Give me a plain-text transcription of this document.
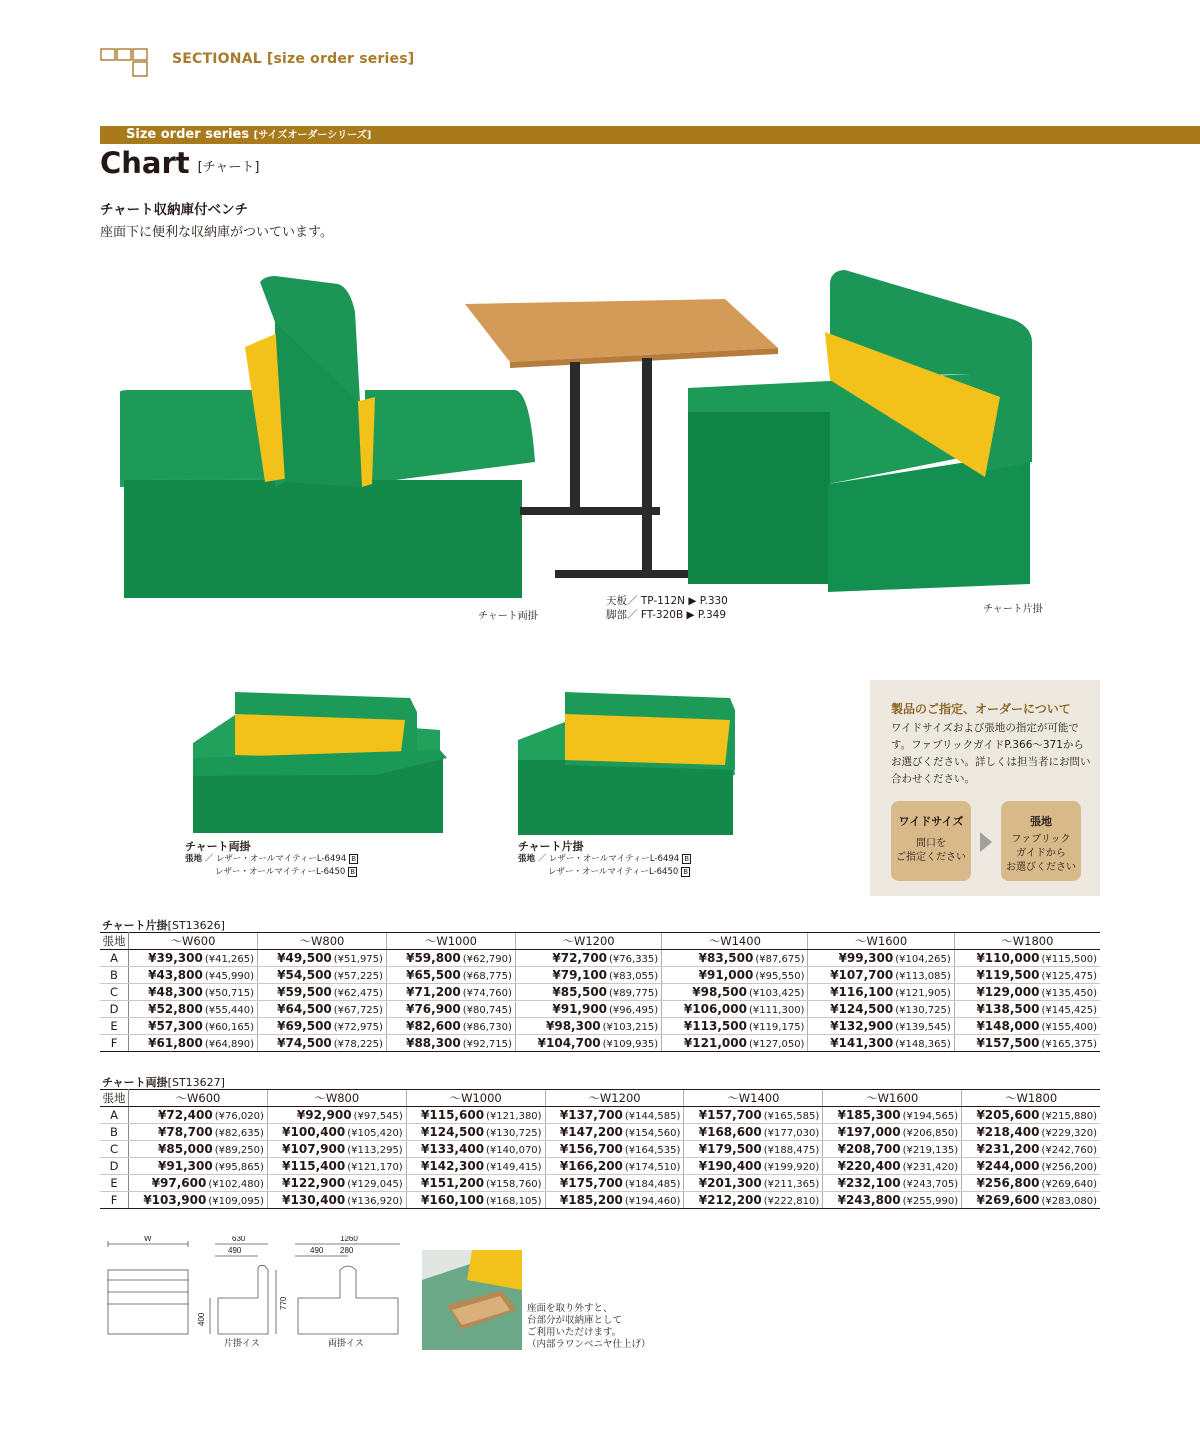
SECTIONAL [size order series]
Size order series [サイズオーダーシリーズ]
Chart [チャート]
チャート収納庫付ベンチ
座面下に便利な収納庫がついています。
チャート両掛
チャート片掛
天板／ TP-112N ▶ P.330
脚部／ FT-320B ▶ P.349
チャート両掛
張地 ／ レザー・オールマイティーL-6494 B
レザー・オールマイティーL-6450 B
チャート片掛
張地 ／ レザー・オールマイティーL-6494 B
レザー・オールマイティーL-6450 B
製品のご指定、オーダーについて
ワイドサイズおよび張地の指定が可能です。ファブリックガイドP.366〜371からお選びください。詳しくは担当者にお問い合わせください。
ワイドサイズ
間口を
ご指定ください
張地
ファブリック
ガイドから
お選びください
チャート片掛[ST13626]
張地	～W600	～W800	～W1000	～W1200	～W1400	～W1600	～W1800
A	¥39,300 (¥41,265)	¥49,500 (¥51,975)	¥59,800 (¥62,790)	¥72,700 (¥76,335)	¥83,500 (¥87,675)	¥99,300 (¥104,265)	¥110,000 (¥115,500)
B	¥43,800 (¥45,990)	¥54,500 (¥57,225)	¥65,500 (¥68,775)	¥79,100 (¥83,055)	¥91,000 (¥95,550)	¥107,700 (¥113,085)	¥119,500 (¥125,475)
C	¥48,300 (¥50,715)	¥59,500 (¥62,475)	¥71,200 (¥74,760)	¥85,500 (¥89,775)	¥98,500 (¥103,425)	¥116,100 (¥121,905)	¥129,000 (¥135,450)
D	¥52,800 (¥55,440)	¥64,500 (¥67,725)	¥76,900 (¥80,745)	¥91,900 (¥96,495)	¥106,000 (¥111,300)	¥124,500 (¥130,725)	¥138,500 (¥145,425)
E	¥57,300 (¥60,165)	¥69,500 (¥72,975)	¥82,600 (¥86,730)	¥98,300 (¥103,215)	¥113,500 (¥119,175)	¥132,900 (¥139,545)	¥148,000 (¥155,400)
F	¥61,800 (¥64,890)	¥74,500 (¥78,225)	¥88,300 (¥92,715)	¥104,700 (¥109,935)	¥121,000 (¥127,050)	¥141,300 (¥148,365)	¥157,500 (¥165,375)
チャート両掛[ST13627]
張地	～W600	～W800	～W1000	～W1200	～W1400	～W1600	～W1800
A	¥72,400 (¥76,020)	¥92,900 (¥97,545)	¥115,600 (¥121,380)	¥137,700 (¥144,585)	¥157,700 (¥165,585)	¥185,300 (¥194,565)	¥205,600 (¥215,880)
B	¥78,700 (¥82,635)	¥100,400 (¥105,420)	¥124,500 (¥130,725)	¥147,200 (¥154,560)	¥168,600 (¥177,030)	¥197,000 (¥206,850)	¥218,400 (¥229,320)
C	¥85,000 (¥89,250)	¥107,900 (¥113,295)	¥133,400 (¥140,070)	¥156,700 (¥164,535)	¥179,500 (¥188,475)	¥208,700 (¥219,135)	¥231,200 (¥242,760)
D	¥91,300 (¥95,865)	¥115,400 (¥121,170)	¥142,300 (¥149,415)	¥166,200 (¥174,510)	¥190,400 (¥199,920)	¥220,400 (¥231,420)	¥244,000 (¥256,200)
E	¥97,600 (¥102,480)	¥122,900 (¥129,045)	¥151,200 (¥158,760)	¥175,700 (¥184,485)	¥201,300 (¥211,365)	¥232,100 (¥243,705)	¥256,800 (¥269,640)
F	¥103,900 (¥109,095)	¥130,400 (¥136,920)	¥160,100 (¥168,105)	¥185,200 (¥194,460)	¥212,200 (¥222,810)	¥243,800 (¥255,990)	¥269,600 (¥283,080)
W	630
490
1260
490 280
400
770
片掛イス	両掛イス
座面を取り外すと、
台部分が収納庫として
ご利用いただけます。
（内部ラワンベニヤ仕上げ）
